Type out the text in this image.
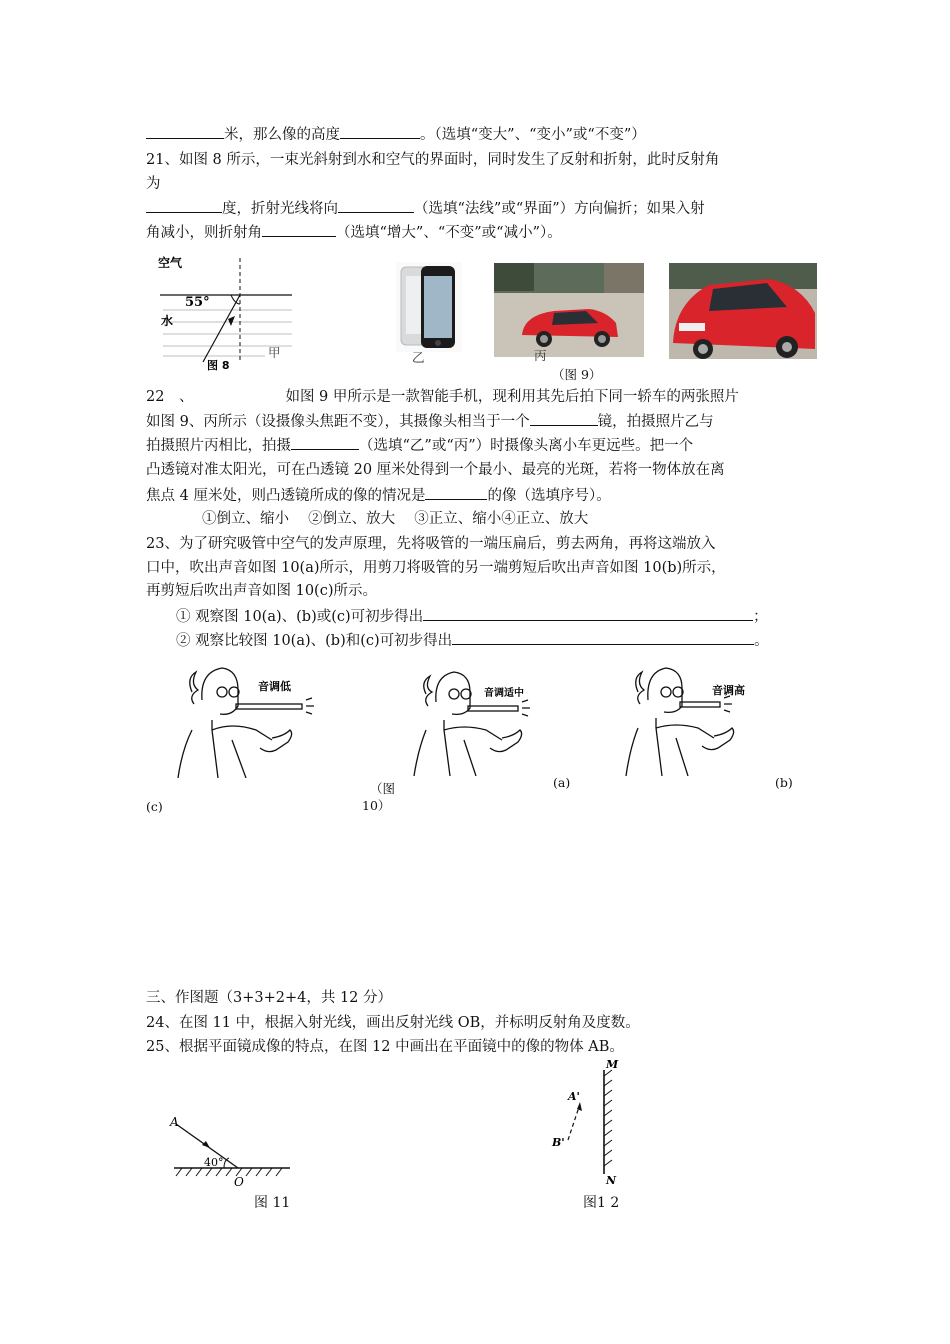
米，那么像的高度	。（选填“变大”、“变小”或“不变”）
21、如图 8 所示，一束光斜射到水和空气的界面时，同时发生了反射和折射，此时反射角
为
度，折射光线将向	（选填“法线”或“界面”）方向偏折；如果入射
角减小，则折射角	（选填“增大”、“不变”或“减小”）。
空气
55°
水
图 8
甲	乙	丙
（图 9）
22　、	如图 9 甲所示是一款智能手机，现利用其先后拍下同一轿车的两张照片
如图 9、丙所示（设摄像头焦距不变），其摄像头相当于一个	镜，拍摄照片乙与
拍摄照片丙相比，拍摄	（选填“乙”或“丙”）时摄像头离小车更远些。把一个
凸透镜对准太阳光，可在凸透镜 20 厘米处得到一个最小、最亮的光斑，若将一物体放在离
焦点 4 厘米处，则凸透镜所成的像的情况是	的像（选填序号）。
①倒立、缩小　 ②倒立、放大　 ③正立、缩小④正立、放大
23、为了研究吸管中空气的发声原理，先将吸管的一端压扁后，剪去两角，再将这端放入
口中，吹出声音如图 10(a)所示，用剪刀将吸管的另一端剪短后吹出声音如图 10(b)所示，
再剪短后吹出声音如图 10(c)所示。
① 观察图 10(a)、(b)或(c)可初步得出	；
② 观察比较图 10(a)、(b)和(c)可初步得出	。
音调低
音调适中	音调高
（图
10）
(a)	(b)
(c)
三、作图题（3+3+2+4，共 12 分）
24、在图 11 中，根据入射光线，画出反射光线 OB，并标明反射角及度数。
25、根据平面镜成像的特点，在图 12 中画出在平面镜中的像的物体 AB。
A
40°
O
图 11
M
N
A'
B'
图1 2
